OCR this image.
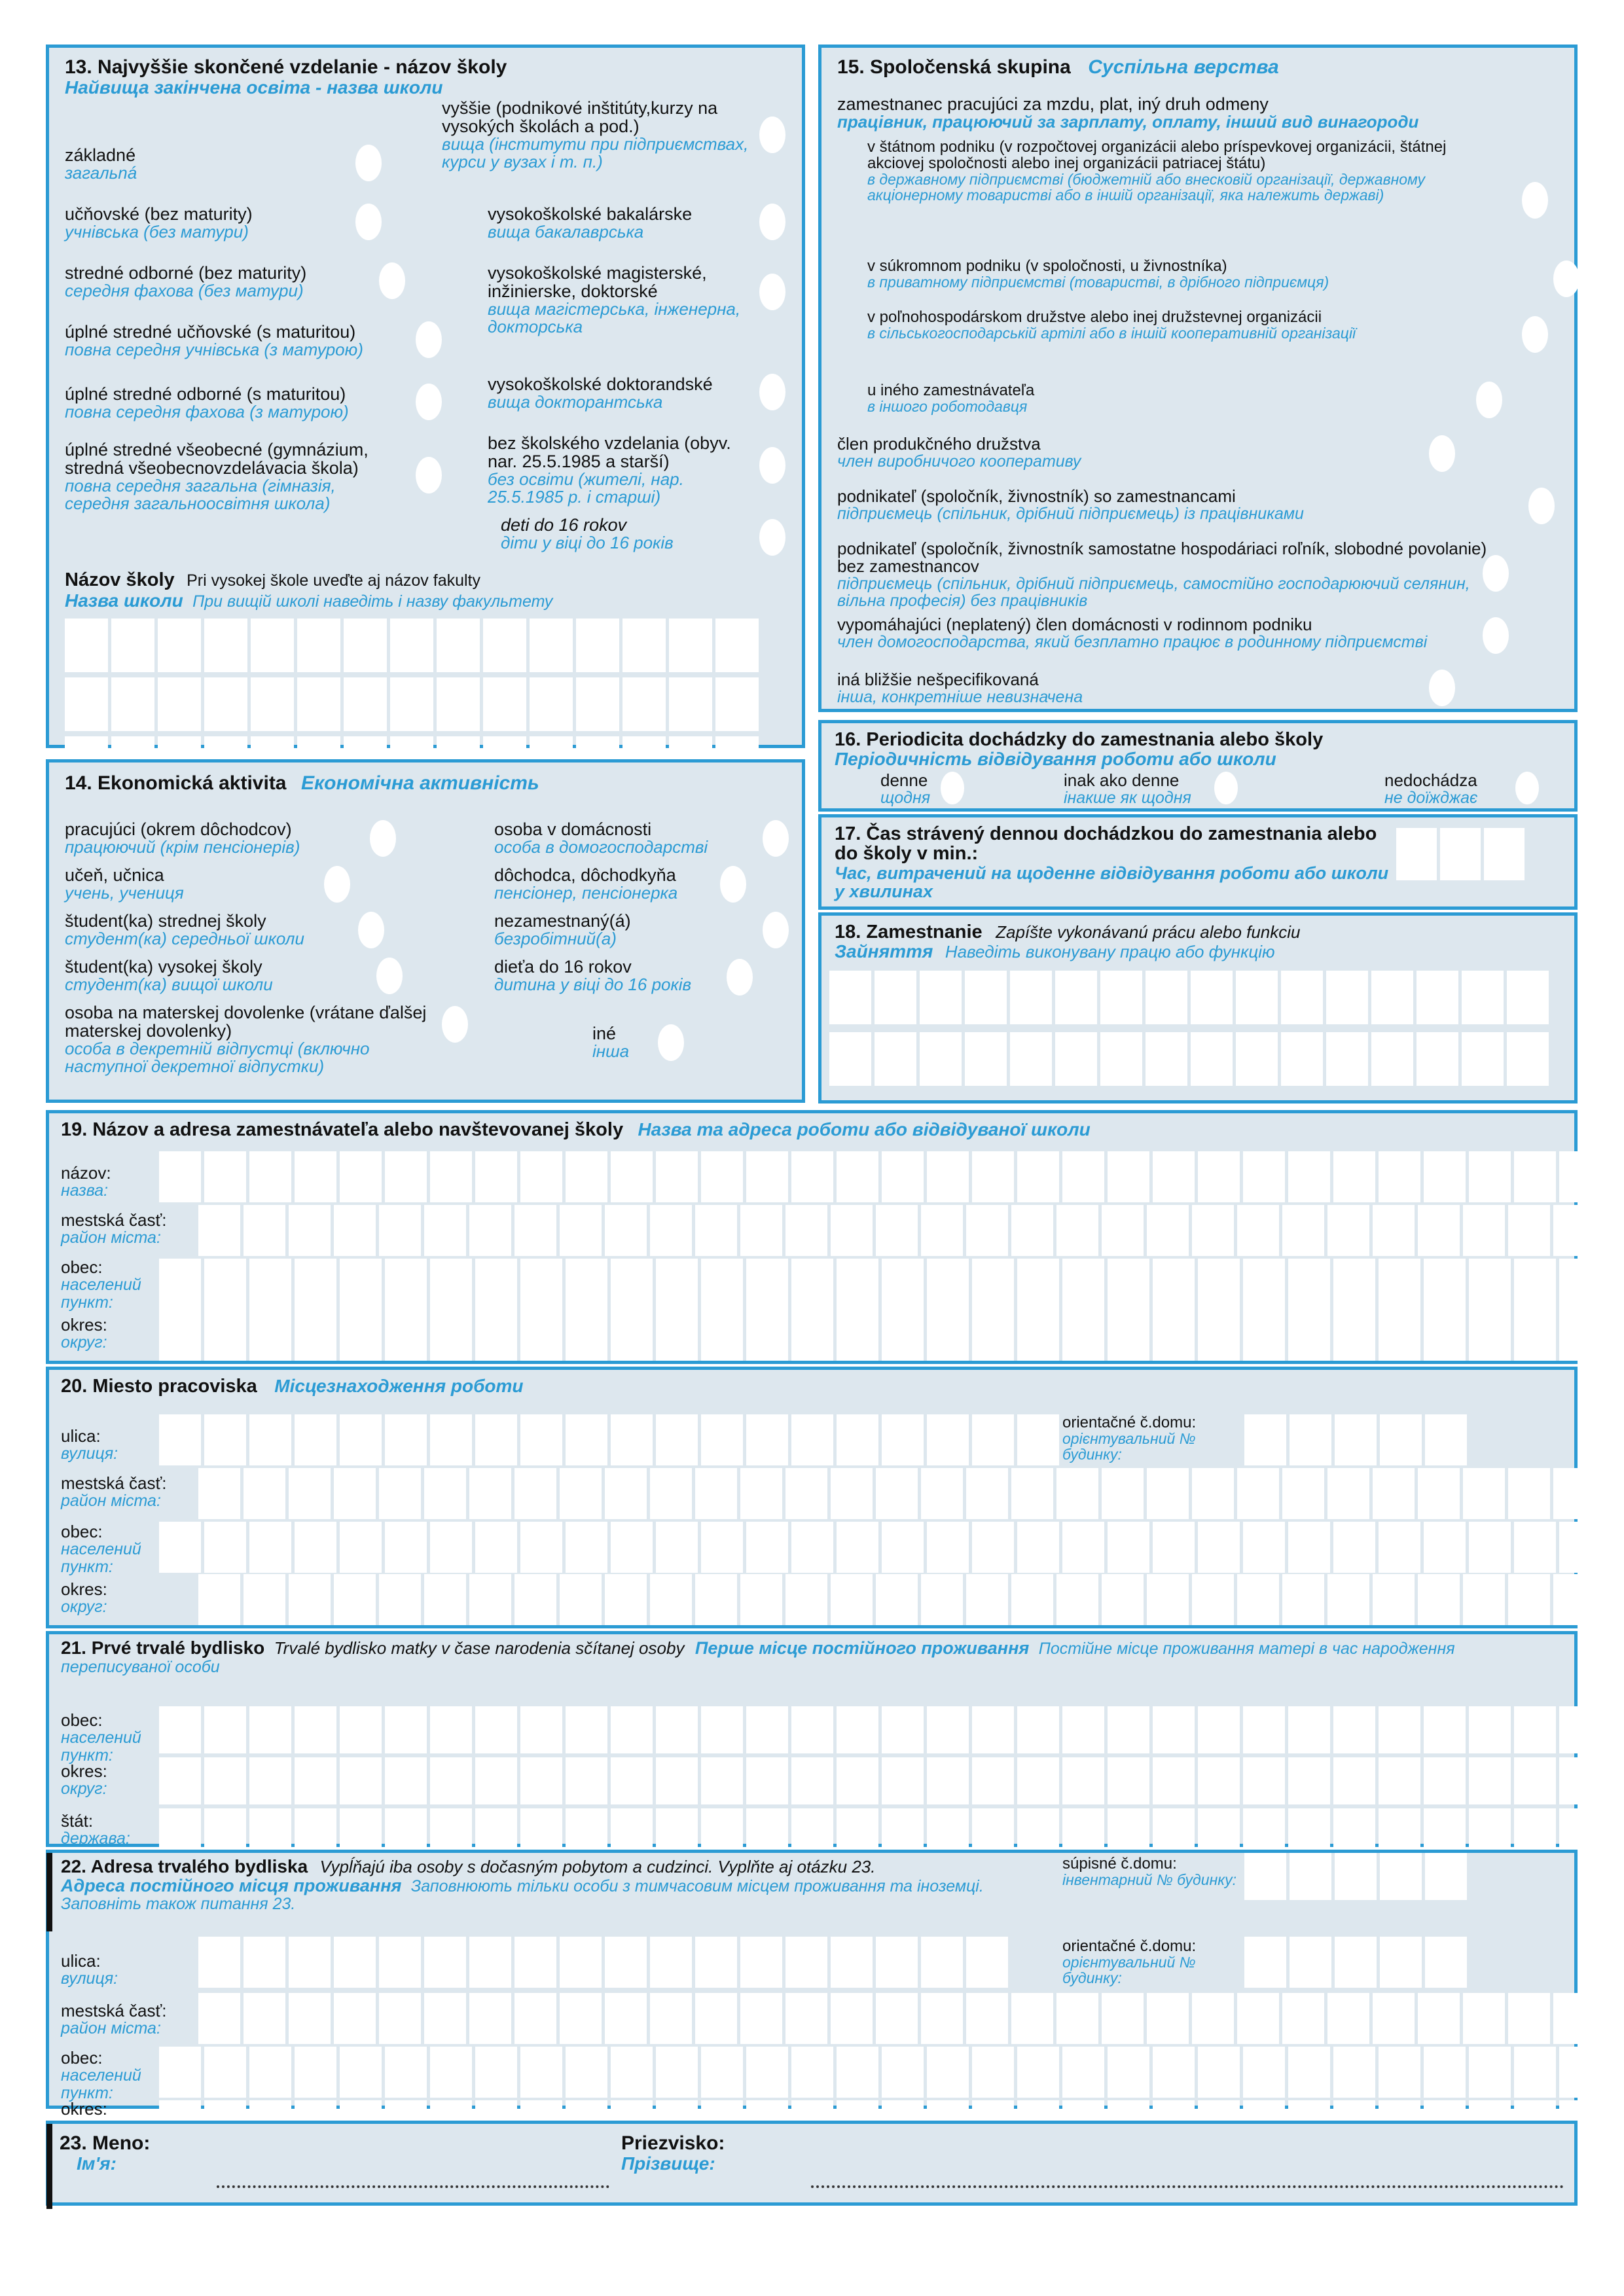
13. Najvyššie skončené vzdelanie - názov školy
Найвища закінчена освіта - назва школи
základné
загальná
učňovské (bez maturity)
учнівська (без матури)
stredné odborné (bez maturity)
середня фахова (без матури)
úplné stredné učňovské (s maturitou)
повна середня учнівська (з матурою)
úplné stredné odborné (s maturitou)
повна середня фахова (з матурою)
úplné stredné všeobecné (gymnázium, stredná všeobecnovzdelávacia škola)
повна середня загальна (гімназія, середня загальноосвітня школа)
vyššie (podnikové inštitúty,kurzy na vysokých školách a pod.)
вища (інститути при підприємствах, курси у вузах і т. п.)
vysokoškolské bakalárske
вища бакалаврська
vysokoškolské magisterské, inžinierske, doktorské
вища магістерська, інженерна, докторська
vysokoškolské doktorandské
вища докторантська
bez školského vzdelania (obyv. nar. 25.5.1985 a starší)
без освіти (жителі, нар. 25.5.1985 р. і старші)
deti do 16 rokov
діти у віці до 16 років
Názov školy Pri vysokej škole uveďte aj názov fakulty
Назва школи При вищій школі наведіть і назву факультету
14. Ekonomická aktivita Економічна активність
pracujúci (okrem dôchodcov)
працюючий (крім пенсіонерів)
učeň, učnica
учень, учениця
študent(ka) strednej školy
студент(ка) середньої школи
študent(ka) vysokej školy
студент(ка) вищої школи
osoba na materskej dovolenke (vrátane ďalšej materskej dovolenky)
особа в декретній відпустці (включно наступної декретної відпустки)
osoba v domácnosti
особа в домогосподарстві
dôchodca, dôchodkyňa
пенсіонер, пенсіонерка
nezamestnaný(á)
безробітний(а)
dieťa do 16 rokov
дитина у віці до 16 років
iné
інша
15. Spoločenská skupina Суспільна верства
zamestnanec pracujúci za mzdu, plat, iný druh odmeny
працівник, працюючий за зарплату, оплату, інший вид винагороди
v štátnom podniku (v rozpočtovej organizácii alebo príspevkovej organizácii, štátnej akciovej spoločnosti alebo inej organizácii patriacej štátu)
в державному підприємстві (бюджетній або внесковій організації, державному акціонерному товаристві або в іншій організації, яка належить державі)
v súkromnom podniku (v spoločnosti, u živnostníka)
в приватному підприємстві (товаристві, в дрібного підприємця)
v poľnohospodárskom družstve alebo inej družstevnej organizácii
в сільськогосподарській артілі або в іншій кооперативній організації
u iného zamestnávateľa
в іншого роботодавця
člen produkčného družstva
член виробничого кооперативу
podnikateľ (spoločník, živnostník) so zamestnancami
підприємець (спільник, дрібний підприємець) із працівниками
podnikateľ (spoločník, živnostník samostatne hospodáriaci roľník, slobodné povolanie) bez zamestnancov
підприємець (спільник, дрібний підприємець, самостійно господарюючий селянин, вільна професія) без працівників
vypomáhajúci (neplatený) člen domácnosti v rodinnom podniku
член домогосподарства, який безплатно працює в родинному підприємстві
iná bližšie nešpecifikovaná
інша, конкретніше невизначена
16. Periodicita dochádzky do zamestnania alebo školy
Періодичність відвідування роботи або школи
denne
щодня
inak ako denne
інакше як щодня
nedochádza
не доїжджає
17. Čas strávený dennou dochádzkou do zamestnania alebo do školy v min.:
Час, витрачений на щоденне відвідування роботи або школи у хвилинах
18. Zamestnanie Zapíšte vykonávanú prácu alebo funkciu
Зайняття Наведіть виконувану працю або функцію
19. Názov a adresa zamestnávateľa alebo navštevovanej školy Назва та адреса роботи або відвідуваної школи
názov:
назва:
mestská časť:
район міста:
obec:
населений пункт:
okres:
округ:
20. Miesto pracoviska Місцезнаходження роботи
ulica:
вулиця:
orientačné č.domu:
орієнтувальний № будинку:
mestská časť:
район міста:
obec:
населений пункт:
okres:
округ:
21. Prvé trvalé bydlisko Trvalé bydlisko matky v čase narodenia sčítanej osoby Перше місце постійного проживання Постійне місце проживання матері в час народження переписуваної особи
obec:
населений пункт:
okres:
округ:
štát:
держава:
22. Adresa trvalého bydliska Vypĺňajú iba osoby s dočasným pobytom a cudzinci. Vyplňte aj otázku 23.
Адреса постійного місця проживання Заповнюють тільки особи з тимчасовим місцем проживання та іноземці.
Заповніть також питання 23.
súpisné č.domu:
інвентарний № будинку:
ulica:
вулиця:
orientačné č.domu:
орієнтувальний № будинку:
mestská časť:
район міста:
obec:
населений пункт:
okres:
23. Meno:
Ім'я:
Priezvisko:
Прізвище:
